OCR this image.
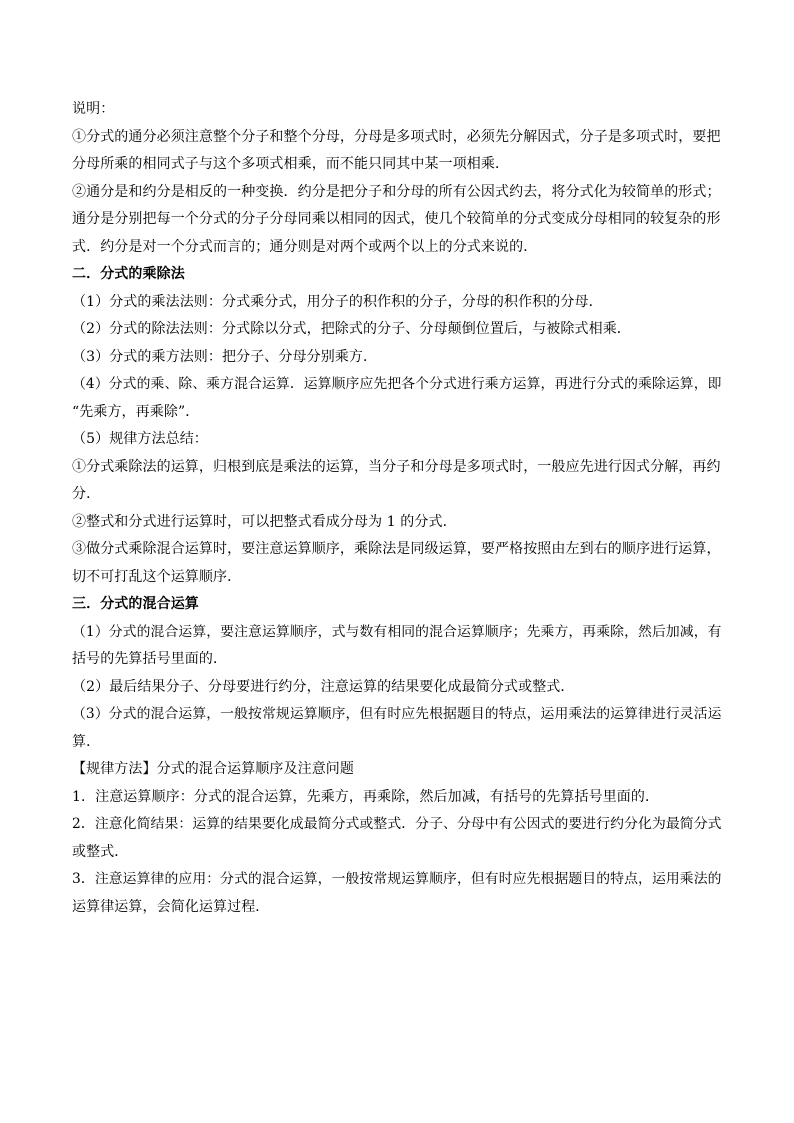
说明：
①分式的通分必须注意整个分子和整个分母，分母是多项式时，必须先分解因式，分子是多项式时，要把
分母所乘的相同式子与这个多项式相乘，而不能只同其中某一项相乘．
②通分是和约分是相反的一种变换．约分是把分子和分母的所有公因式约去，将分式化为较简单的形式；
通分是分别把每一个分式的分子分母同乘以相同的因式，使几个较简单的分式变成分母相同的较复杂的形
式．约分是对一个分式而言的；通分则是对两个或两个以上的分式来说的．
二．分式的乘除法
（1）分式的乘法法则：分式乘分式，用分子的积作积的分子，分母的积作积的分母．
（2）分式的除法法则：分式除以分式，把除式的分子、分母颠倒位置后，与被除式相乘．
（3）分式的乘方法则：把分子、分母分别乘方．
（4）分式的乘、除、乘方混合运算．运算顺序应先把各个分式进行乘方运算，再进行分式的乘除运算，即
“先乘方，再乘除”．
（5）规律方法总结：
①分式乘除法的运算，归根到底是乘法的运算，当分子和分母是多项式时，一般应先进行因式分解，再约
分．
②整式和分式进行运算时，可以把整式看成分母为 1 的分式．
③做分式乘除混合运算时，要注意运算顺序，乘除法是同级运算，要严格按照由左到右的顺序进行运算，
切不可打乱这个运算顺序．
三．分式的混合运算
（1）分式的混合运算，要注意运算顺序，式与数有相同的混合运算顺序；先乘方，再乘除，然后加减，有
括号的先算括号里面的．
（2）最后结果分子、分母要进行约分，注意运算的结果要化成最简分式或整式．
（3）分式的混合运算，一般按常规运算顺序，但有时应先根据题目的特点，运用乘法的运算律进行灵活运
算．
【规律方法】分式的混合运算顺序及注意问题
1．注意运算顺序：分式的混合运算，先乘方，再乘除，然后加减，有括号的先算括号里面的．
2．注意化简结果：运算的结果要化成最简分式或整式．分子、分母中有公因式的要进行约分化为最简分式
或整式．
3．注意运算律的应用：分式的混合运算，一般按常规运算顺序，但有时应先根据题目的特点，运用乘法的
运算律运算，会简化运算过程．
